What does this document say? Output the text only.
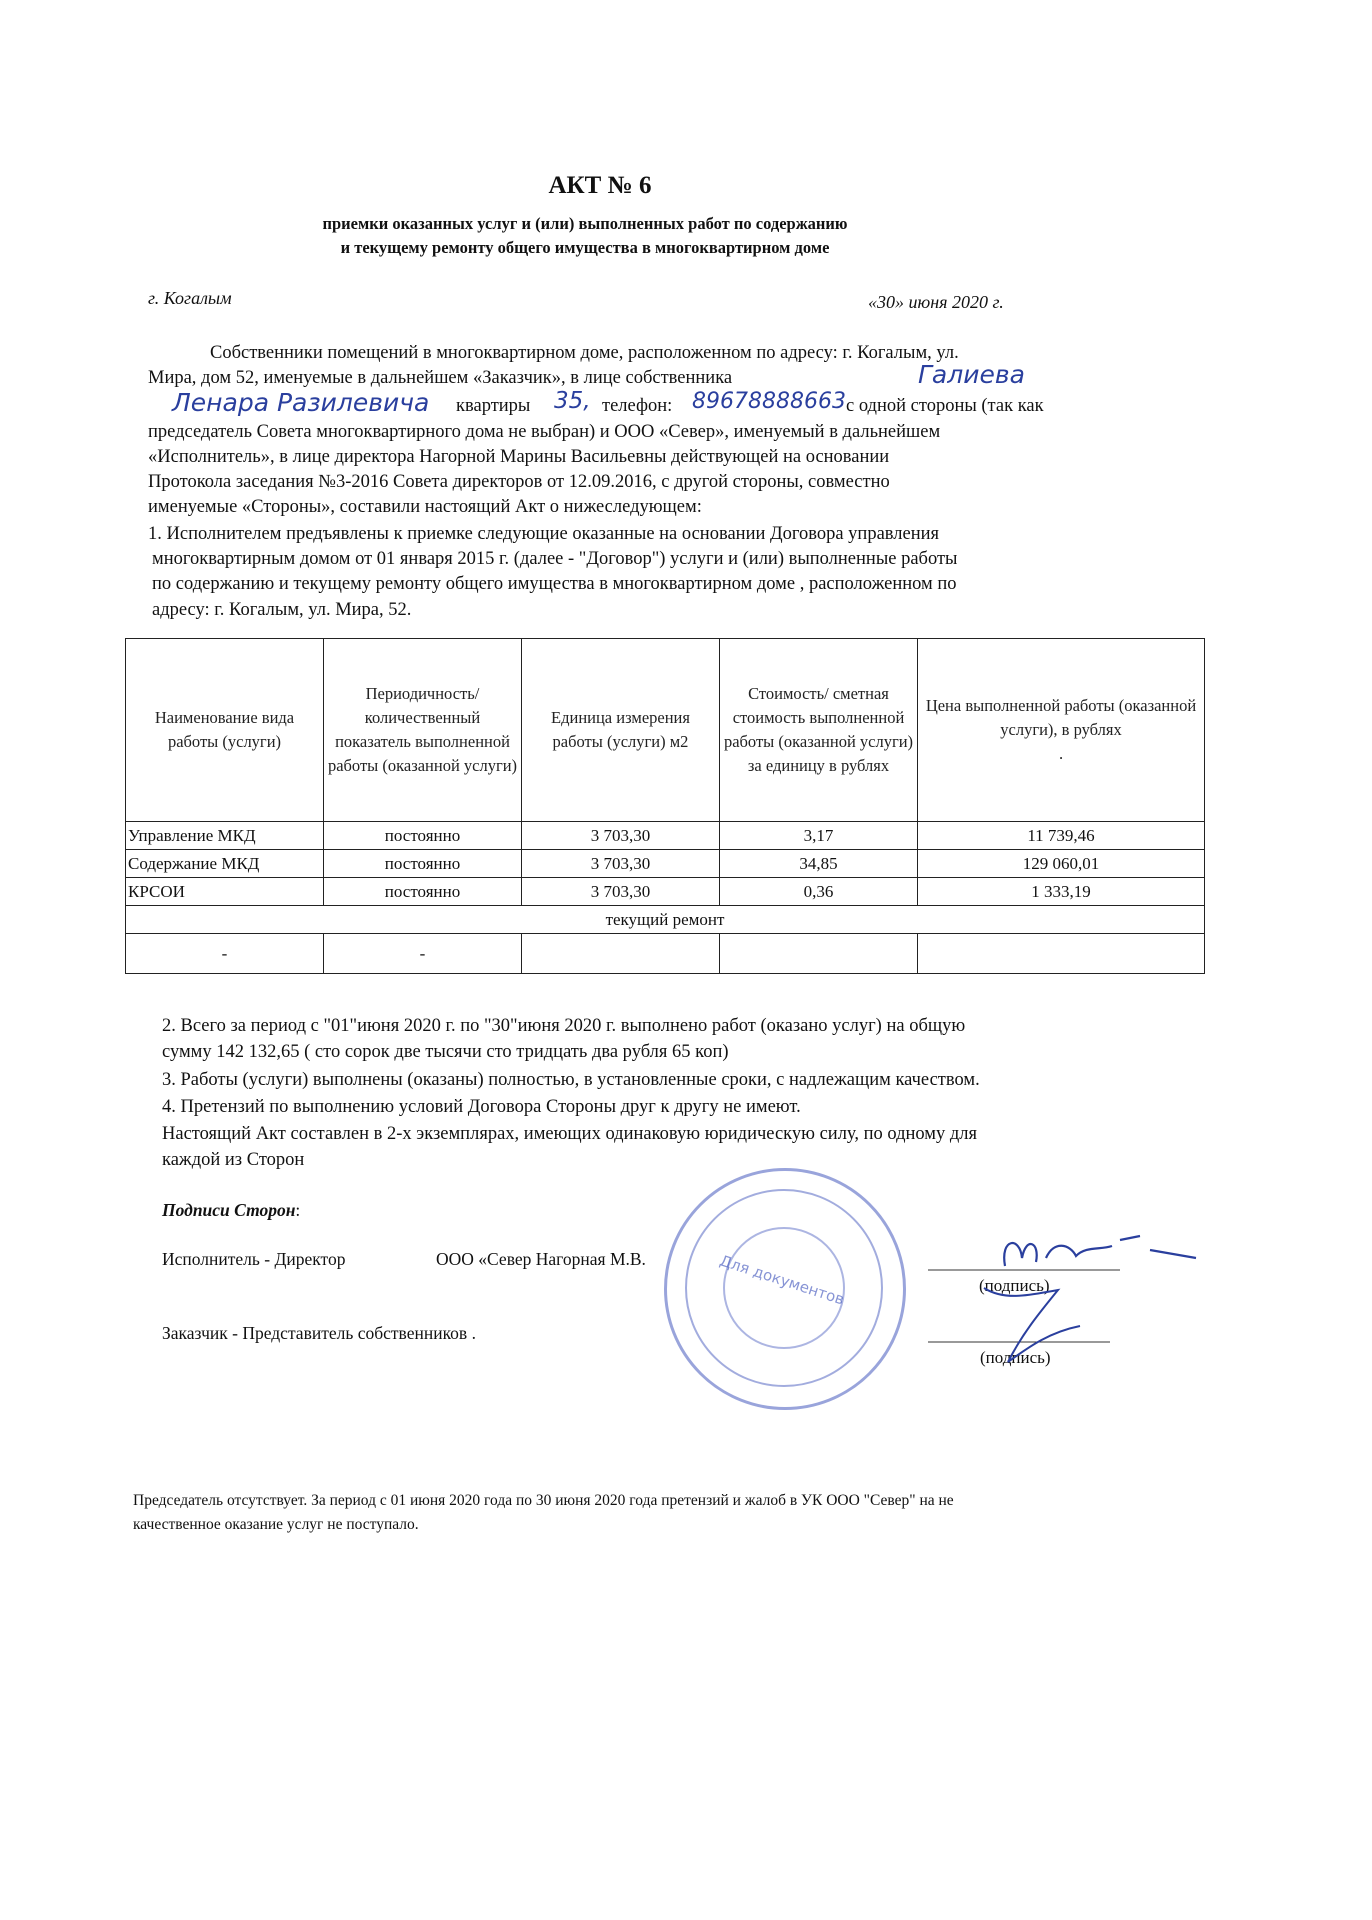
АКТ № 6
приемки оказанных услуг и (или) выполненных работ по содержанию
и текущему ремонту общего имущества в многоквартирном доме
г. Когалым	«30» июня 2020 г.
Собственники помещений в многоквартирном доме, расположенном по адресу: г. Когалым, ул.
Мира, дом 52, именуемые в дальнейшем «Заказчик», в лице собственника	Галиева
Ленара Разилевича квартиры 35, телефон: 89678888663 с одной стороны (так как
председатель Совета многоквартирного дома не выбран) и ООО «Север», именуемый в дальнейшем
«Исполнитель», в лице директора Нагорной Марины Васильевны действующей на основании
Протокола заседания №3-2016 Совета директоров от 12.09.2016, с другой стороны, совместно
именуемые «Стороны», составили настоящий Акт о нижеследующем:
1. Исполнителем предъявлены к приемке следующие оказанные на основании Договора управления
многоквартирным домом от 01 января 2015 г. (далее - "Договор") услуги и (или) выполненные работы
по содержанию и текущему ремонту общего имущества в многоквартирном доме , расположенном по
адресу: г. Когалым, ул. Мира, 52.
Наименование вида работы (услуги)	Периодичность/ количественный показатель выполненной работы (оказанной услуги)	Единица измерения работы (услуги) м2	Стоимость/ сметная стоимость выполненной работы (оказанной услуги) за единицу в рублях	Цена выполненной работы (оказанной услуги), в рублях
.
Управление МКД	постоянно	3 703,30	3,17	11 739,46
Содержание МКД	постоянно	3 703,30	34,85	129 060,01
КРСОИ	постоянно	3 703,30	0,36	1 333,19
текущий ремонт				
-	-			
2. Всего за период с "01"июня 2020 г. по "30"июня 2020 г. выполнено работ (оказано услуг) на общую
сумму 142 132,65 ( сто сорок две тысячи сто тридцать два рубля 65 коп)
3. Работы (услуги) выполнены (оказаны) полностью, в установленные сроки, с надлежащим качеством.
4. Претензий по выполнению условий Договора Стороны друг к другу не имеют.
Настоящий Акт составлен в 2-х экземплярах, имеющих одинаковую юридическую силу, по одному для
каждой из Сторон
Подписи Сторон:
Исполнитель - Директор	ООО «Север Нагорная М.В.
(подпись)
Заказчик - Представитель собственников .
(подпись)
Для документов
Председатель отсутствует. За период с 01 июня 2020 года по 30 июня 2020 года претензий и жалоб в УК ООО "Север" на не
качественное оказание услуг не поступало.
